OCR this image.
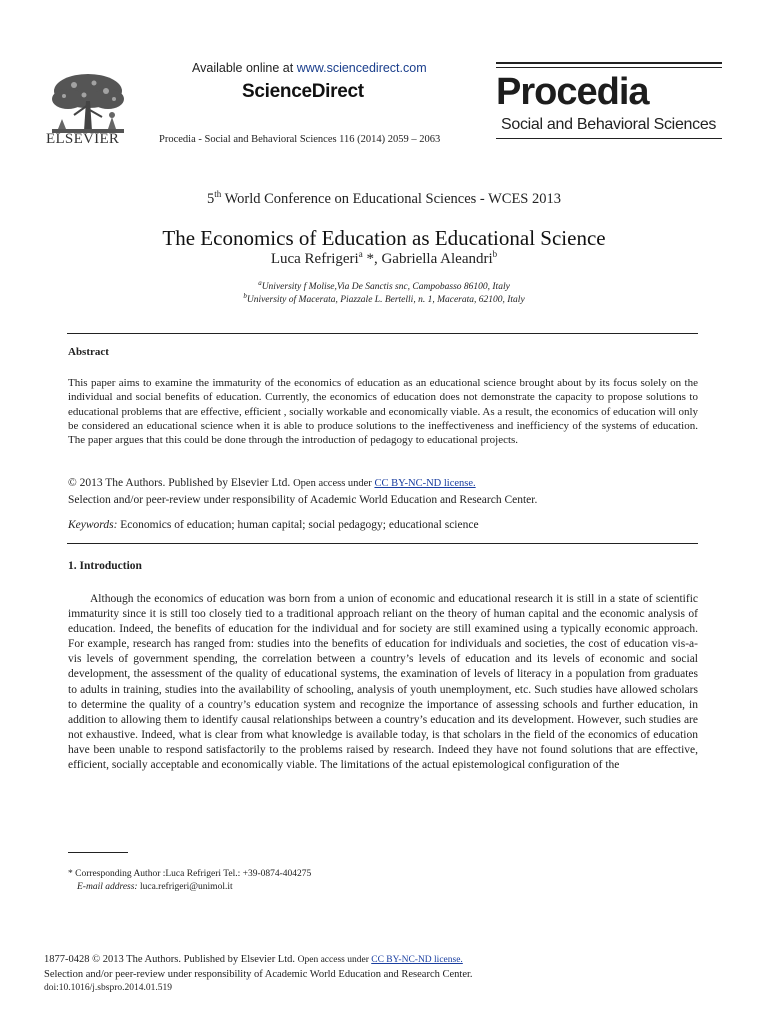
ELSEVIER
Available online at www.sciencedirect.com
ScienceDirect
Procedia - Social and Behavioral Sciences 116 (2014) 2059 – 2063
Procedia
Social and Behavioral Sciences
5th World Conference on Educational Sciences - WCES 2013
The Economics of Education as Educational Science
Luca Refrigeri$^a$ *, Gabriella Aleandri$^b$
$^a$University f Molise,Via De Sanctis snc, Campobasso 86100, Italy
$^b$University of Macerata, Piazzale L. Bertelli, n. 1, Macerata, 62100, Italy
Abstract
This paper aims to examine the immaturity of the economics of education as an educational science brought about by its focus solely on the individual and social benefits of education. Currently, the economics of education does not demonstrate the capacity to propose solutions to educational problems that are effective, efficient , socially workable and economically viable. As a result, the economics of education will only be considered an educational science when it is able to produce solutions to the ineffectiveness and inefficiency of the systems of education. The paper argues that this could be done through the introduction of pedagogy to educational projects.
© 2013 The Authors. Published by Elsevier Ltd. Open access under CC BY-NC-ND license.
Selection and/or peer-review under responsibility of Academic World Education and Research Center.
Keywords: Economics of education; human capital; social pedagogy; educational science
1. Introduction
Although the economics of education was born from a union of economic and educational research it is still in a state of scientific immaturity since it is still too closely tied to a traditional approach reliant on the theory of human capital and the economic analysis of education. Indeed, the benefits of education for the individual and for society are still examined using a typically economic approach. For example, research has ranged from: studies into the benefits of education for individuals and societies, the cost of education vis-a-vis levels of government spending, the correlation between a country’s levels of education and its levels of economic and social development, the assessment of the quality of educational systems, the examination of levels of literacy in a population from graduates to adults in training, studies into the availability of schooling, analysis of youth unemployment, etc. Such studies have allowed scholars to determine the quality of a country’s education system and recognize the importance of assessing schools and further education, in addition to allowing them to identify causal relationships between a country’s education and its development. However, such studies are not exhaustive. Indeed, what is clear from what knowledge is available today, is that scholars in the field of the economics of education have been unable to respond satisfactorily to the problems raised by research. Indeed they have not found solutions that are effective, efficient, socially acceptable and economically viable. The limitations of the actual epistemological configuration of the
* Corresponding Author :Luca Refrigeri Tel.: +39-0874-404275
E-mail address: luca.refrigeri@unimol.it
1877-0428 © 2013 The Authors. Published by Elsevier Ltd. Open access under CC BY-NC-ND license.
Selection and/or peer-review under responsibility of Academic World Education and Research Center.
doi:10.1016/j.sbspro.2014.01.519
